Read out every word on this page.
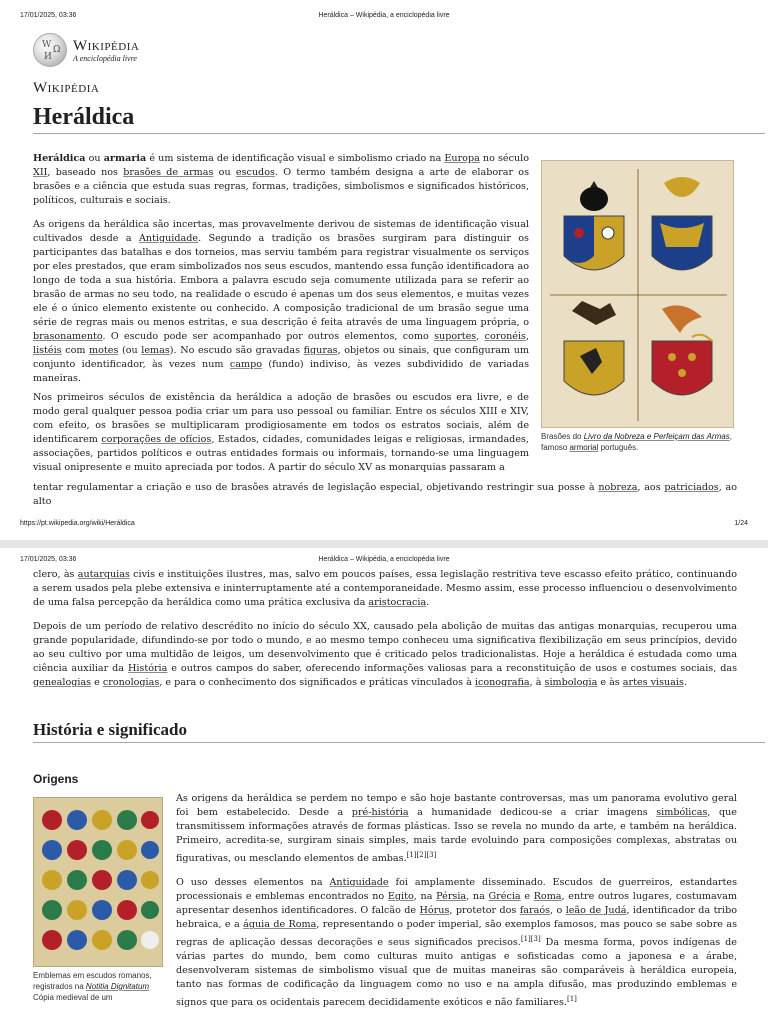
17/01/2025, 03:36	Heráldica – Wikipédia, a enciclopédia livre
W Ω
И
Wikipédia
A enciclopédia livre
Wikipédia
Heráldica

Heráldica ou armaria é um sistema de identificação visual e simbolismo criado na Europa no século XII, baseado nos brasões de armas ou escudos. O termo também designa a arte de elaborar os brasões e a ciência que estuda suas regras, formas, tradições, simbolismos e significados históricos, políticos, culturais e sociais.

As origens da heráldica são incertas, mas provavelmente derivou de sistemas de identificação visual cultivados desde a Antiguidade. Segundo a tradição os brasões surgiram para distinguir os participantes das batalhas e dos torneios, mas serviu também para registrar visualmente os serviços por eles prestados, que eram simbolizados nos seus escudos, mantendo essa função identificadora ao longo de toda a sua história. Embora a palavra escudo seja comumente utilizada para se referir ao brasão de armas no seu todo, na realidade o escudo é apenas um dos seus elementos, e muitas vezes ele é o único elemento existente ou conhecido. A composição tradicional de um brasão segue uma série de regras mais ou menos estritas, e sua descrição é feita através de uma linguagem própria, o brasonamento. O escudo pode ser acompanhado por outros elementos, como suportes, coronéis, listéis com motes (ou lemas). No escudo são gravadas figuras, objetos ou sinais, que configuram um conjunto identificador, às vezes num campo (fundo) indiviso, às vezes subdividido de variadas maneiras.

Nos primeiros séculos de existência da heráldica a adoção de brasões ou escudos era livre, e de modo geral qualquer pessoa podia criar um para uso pessoal ou familiar. Entre os séculos XIII e XIV, com efeito, os brasões se multiplicaram prodigiosamente em todos os estratos sociais, além de identificarem corporações de ofícios, Estados, cidades, comunidades leigas e religiosas, irmandades, associações, partidos políticos e outras entidades formais ou informais, tornando-se uma linguagem visual onipresente e muito apreciada por todos. A partir do século XV as monarquias passaram a

tentar regulamentar a criação e uso de brasões através de legislação especial, objetivando restringir sua posse à nobreza, aos patriciados, ao alto

Brasões do Livro da Nobreza e Perfeiçam das Armas, famoso armorial português.
https://pt.wikipedia.org/wiki/Heráldica	1/24
17/01/2025, 03:36	Heráldica – Wikipédia, a enciclopédia livre

clero, às autarquias civis e instituições ilustres, mas, salvo em poucos países, essa legislação restritiva teve escasso efeito prático, continuando a serem usados pela plebe extensiva e ininterruptamente até a contemporaneidade. Mesmo assim, esse processo influenciou o desenvolvimento de uma falsa percepção da heráldica como uma prática exclusiva da aristocracia.

Depois de um período de relativo descrédito no início do século XX, causado pela abolição de muitas das antigas monarquias, recuperou uma grande popularidade, difundindo-se por todo o mundo, e ao mesmo tempo conheceu uma significativa flexibilização em seus princípios, devido ao seu cultivo por uma multidão de leigos, um desenvolvimento que é criticado pelos tradicionalistas. Hoje a heráldica é estudada como uma ciência auxiliar da História e outros campos do saber, oferecendo informações valiosas para a reconstituição de usos e costumes sociais, das genealogias e cronologias, e para o conhecimento dos significados e práticas vinculados à iconografia, à simbologia e às artes visuais.

História e significado
Origens
Emblemas em escudos romanos, registrados na Notitia Dignitatum Cópia medieval de um

As origens da heráldica se perdem no tempo e são hoje bastante controversas, mas um panorama evolutivo geral foi bem estabelecido. Desde a pré-história a humanidade dedicou-se a criar imagens simbólicas, que transmitissem informações através de formas plásticas. Isso se revela no mundo da arte, e também na heráldica. Primeiro, acredita-se, surgiram sinais simples, mais tarde evoluindo para composições complexas, abstratas ou figurativas, ou mesclando elementos de ambas.[1][2][3]

O uso desses elementos na Antiguidade foi amplamente disseminado. Escudos de guerreiros, estandartes processionais e emblemas encontrados no Egito, na Pérsia, na Grécia e Roma, entre outros lugares, costumavam apresentar desenhos identificadores. O falcão de Hórus, protetor dos faraós, o leão de Judá, identificador da tribo hebraica, e a águia de Roma, representando o poder imperial, são exemplos famosos, mas pouco se sabe sobre as regras de aplicação dessas decorações e seus significados precisos.[1][3] Da mesma forma, povos indígenas de várias partes do mundo, bem como culturas muito antigas e sofisticadas como a japonesa e a árabe, desenvolveram sistemas de simbolismo visual que de muitas maneiras são comparáveis à heráldica europeia, tanto nas formas de codificação da linguagem como no uso e na ampla difusão, mas produzindo emblemas e signos que para os ocidentais parecem decididamente exóticos e não familiares.[1]
